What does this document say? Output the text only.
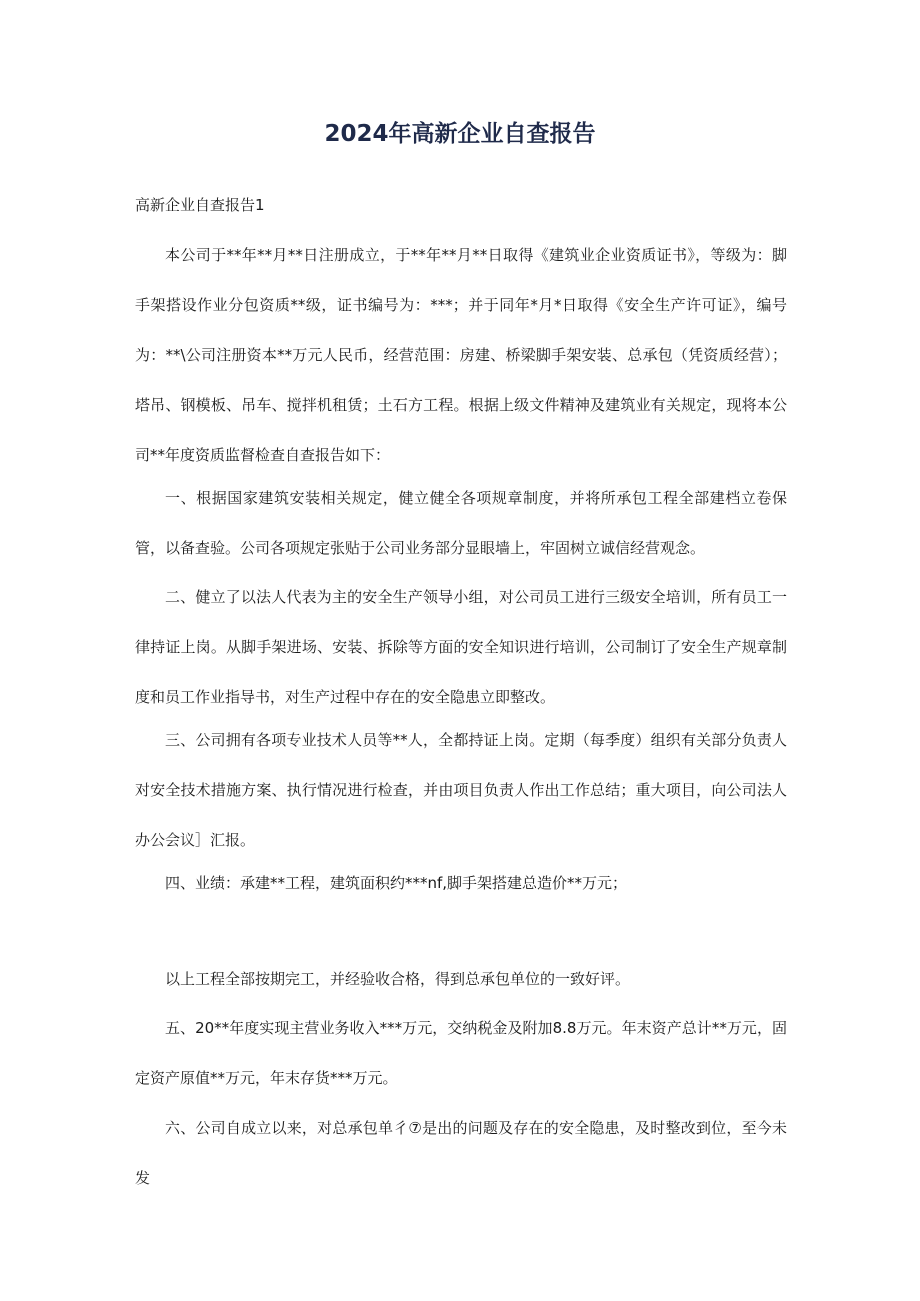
2024年高新企业自查报告

高新企业自查报告1

本公司于**年**月**日注册成立，于**年**月**日取得《建筑业企业资质证书》，等级为：脚手架搭设作业分包资质**级，证书编号为：***；并于同年*月*日取得《安全生产许可证》，编号为：**\公司注册资本**万元人民币，经营范围：房建、桥梁脚手架安装、总承包（凭资质经营）；塔吊、钢模板、吊车、搅拌机租赁；土石方工程。根据上级文件精神及建筑业有关规定，现将本公司**年度资质监督检查自查报告如下：

一、根据国家建筑安装相关规定，健立健全各项规章制度，并将所承包工程全部建档立卷保管，以备查验。公司各项规定张贴于公司业务部分显眼墙上，牢固树立诚信经营观念。

二、健立了以法人代表为主的安全生产领导小组，对公司员工进行三级安全培训，所有员工一律持证上岗。从脚手架进场、安装、拆除等方面的安全知识进行培训，公司制订了安全生产规章制度和员工作业指导书，对生产过程中存在的安全隐患立即整改。

三、公司拥有各项专业技术人员等**人，全都持证上岗。定期（每季度）组织有关部分负责人对安全技术措施方案、执行情况进行检查，并由项目负责人作出工作总结；重大项目，向公司法人办公会议］汇报。

四、业绩：承建**工程，建筑面积约***nf,脚手架搭建总造价**万元；

以上工程全部按期完工，并经验收合格，得到总承包单位的一致好评。

五、20**年度实现主营业务收入***万元，交纳税金及附加8.8万元。年末资产总计**万元，固定资产原值**万元，年末存货***万元。

六、公司自成立以来，对总承包单彳⑦是出的问题及存在的安全隐患，及时整改到位，至今未发
